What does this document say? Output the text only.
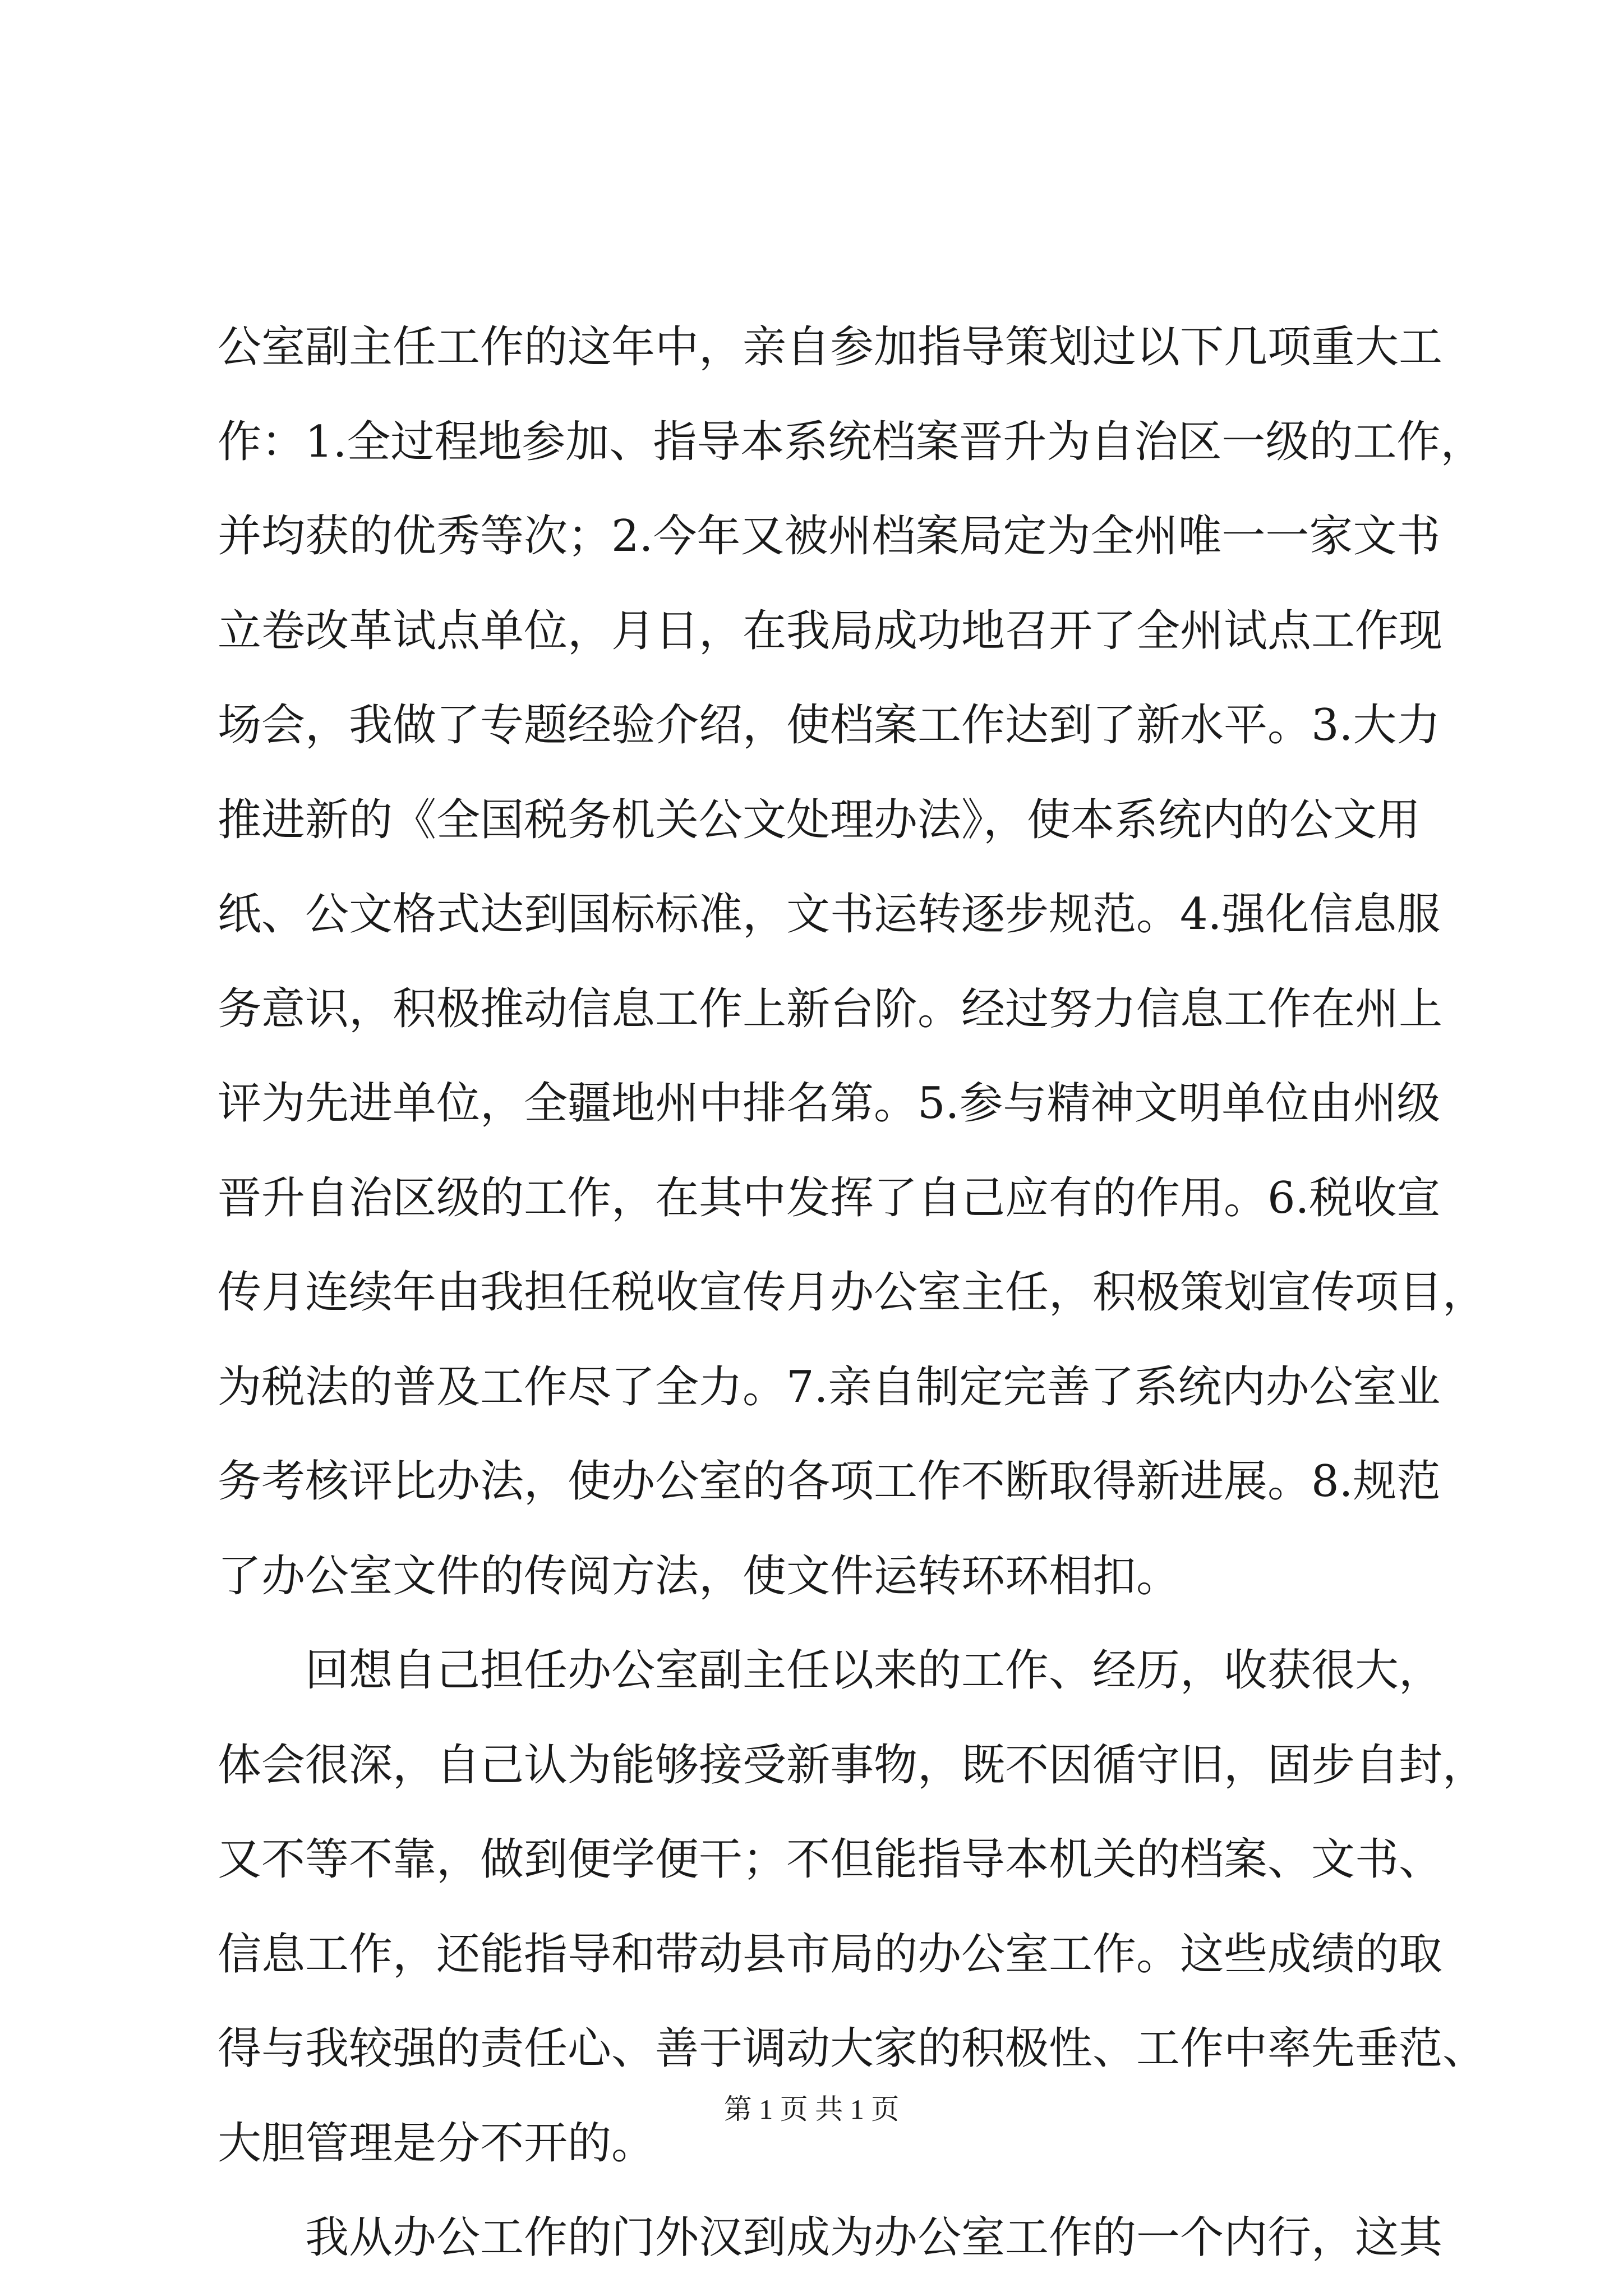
公室副主任工作的这年中，亲自参加指导策划过以下几项重大工
作：1.全过程地参加、指导本系统档案晋升为自治区一级的工作，
并均获的优秀等次；2.今年又被州档案局定为全州唯一一家文书
立卷改革试点单位，月日，在我局成功地召开了全州试点工作现
场会，我做了专题经验介绍，使档案工作达到了新水平。3.大力
推进新的《全国税务机关公文处理办法》，使本系统内的公文用
纸、公文格式达到国标标准，文书运转逐步规范。4.强化信息服
务意识，积极推动信息工作上新台阶。经过努力信息工作在州上
评为先进单位，全疆地州中排名第。5.参与精神文明单位由州级
晋升自治区级的工作，在其中发挥了自己应有的作用。6.税收宣
传月连续年由我担任税收宣传月办公室主任，积极策划宣传项目，
为税法的普及工作尽了全力。7.亲自制定完善了系统内办公室业
务考核评比办法，使办公室的各项工作不断取得新进展。8.规范
了办公室文件的传阅方法，使文件运转环环相扣。
　　回想自己担任办公室副主任以来的工作、经历，收获很大，
体会很深，自己认为能够接受新事物，既不因循守旧，固步自封，
又不等不靠，做到便学便干；不但能指导本机关的档案、文书、
信息工作，还能指导和带动县市局的办公室工作。这些成绩的取
得与我较强的责任心、善于调动大家的积极性、工作中率先垂范、
大胆管理是分不开的。
　　我从办公工作的门外汉到成为办公室工作的一个内行，这其
第 1 页 共 1 页
